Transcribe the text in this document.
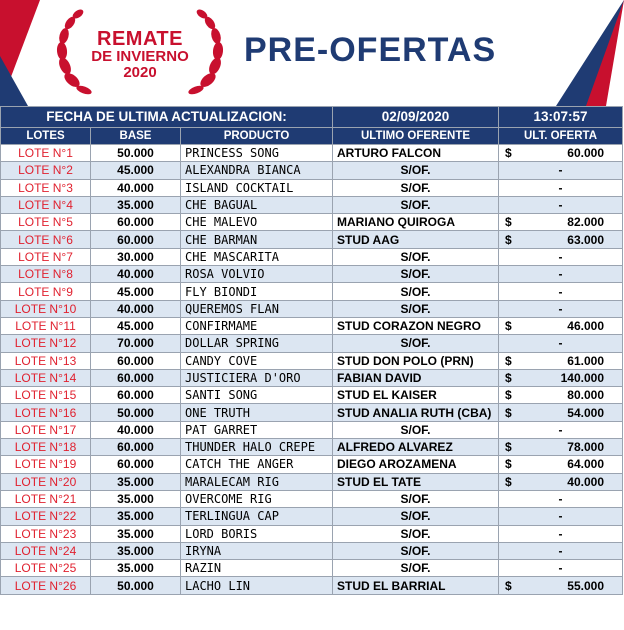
REMATE
DE INVIERNO
2020
PRE-OFERTAS
FECHA DE ULTIMA ACTUALIZACION:			02/09/2020	13:07:57
LOTES	BASE	PRODUCTO	ULTIMO OFERENTE	ULT. OFERTA
LOTE N°1	50.000	PRINCESS SONG	ARTURO FALCON	$ 60.000

LOTE N°2	45.000	ALEXANDRA BIANCA	S/OF.	-

LOTE N°3	40.000	ISLAND COCKTAIL	S/OF.	-

LOTE N°4	35.000	CHE BAGUAL	S/OF.	-

LOTE N°5	60.000	CHE MALEVO	MARIANO QUIROGA	$ 82.000

LOTE N°6	60.000	CHE BARMAN	STUD AAG	$ 63.000

LOTE N°7	30.000	CHE MASCARITA	S/OF.	-

LOTE N°8	40.000	ROSA VOLVIO	S/OF.	-

LOTE N°9	45.000	FLY BIONDI	S/OF.	-

LOTE N°10	40.000	QUEREMOS FLAN	S/OF.	-

LOTE N°11	45.000	CONFIRMAME	STUD CORAZON NEGRO	$ 46.000

LOTE N°12	70.000	DOLLAR SPRING	S/OF.	-

LOTE N°13	60.000	CANDY COVE	STUD DON POLO (PRN)	$ 61.000

LOTE N°14	60.000	JUSTICIERA D'ORO	FABIAN DAVID	$ 140.000

LOTE N°15	60.000	SANTI SONG	STUD EL KAISER	$ 80.000

LOTE N°16	50.000	ONE TRUTH	STUD ANALIA RUTH (CBA)	$ 54.000

LOTE N°17	40.000	PAT GARRET	S/OF.	-

LOTE N°18	60.000	THUNDER HALO CREPE	ALFREDO ALVAREZ	$ 78.000

LOTE N°19	60.000	CATCH THE ANGER	DIEGO AROZAMENA	$ 64.000

LOTE N°20	35.000	MARALECAM RIG	STUD EL TATE	$ 40.000

LOTE N°21	35.000	OVERCOME RIG	S/OF.	-

LOTE N°22	35.000	TERLINGUA CAP	S/OF.	-

LOTE N°23	35.000	LORD BORIS	S/OF.	-

LOTE N°24	35.000	IRYNA	S/OF.	-

LOTE N°25	35.000	RAZIN	S/OF.	-

LOTE N°26	50.000	LACHO LIN	STUD EL BARRIAL	$ 55.000
